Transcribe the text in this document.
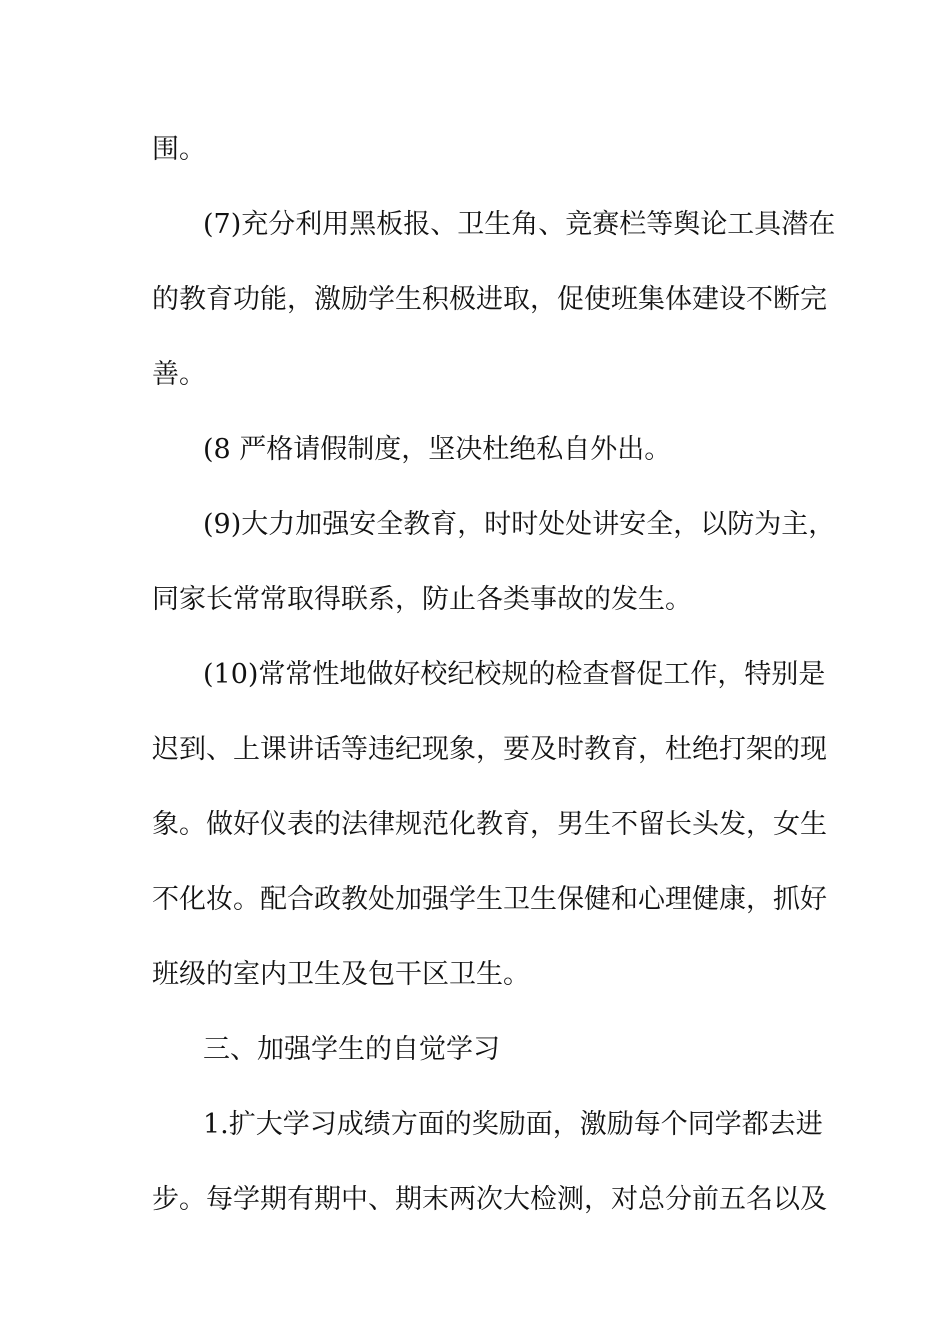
围。
(7)充分利用黑板报、卫生角、竞赛栏等舆论工具潜在
的教育功能，激励学生积极进取，促使班集体建设不断完
善。
(8 严格请假制度，坚决杜绝私自外出。
(9)大力加强安全教育，时时处处讲安全，以防为主，
同家长常常取得联系，防止各类事故的发生。
(10)常常性地做好校纪校规的检查督促工作，特别是
迟到、上课讲话等违纪现象，要及时教育，杜绝打架的现
象。做好仪表的法律规范化教育，男生不留长头发，女生
不化妆。配合政教处加强学生卫生保健和心理健康，抓好
班级的室内卫生及包干区卫生。
三、加强学生的自觉学习
1.扩大学习成绩方面的奖励面，激励每个同学都去进
步。每学期有期中、期末两次大检测，对总分前五名以及
